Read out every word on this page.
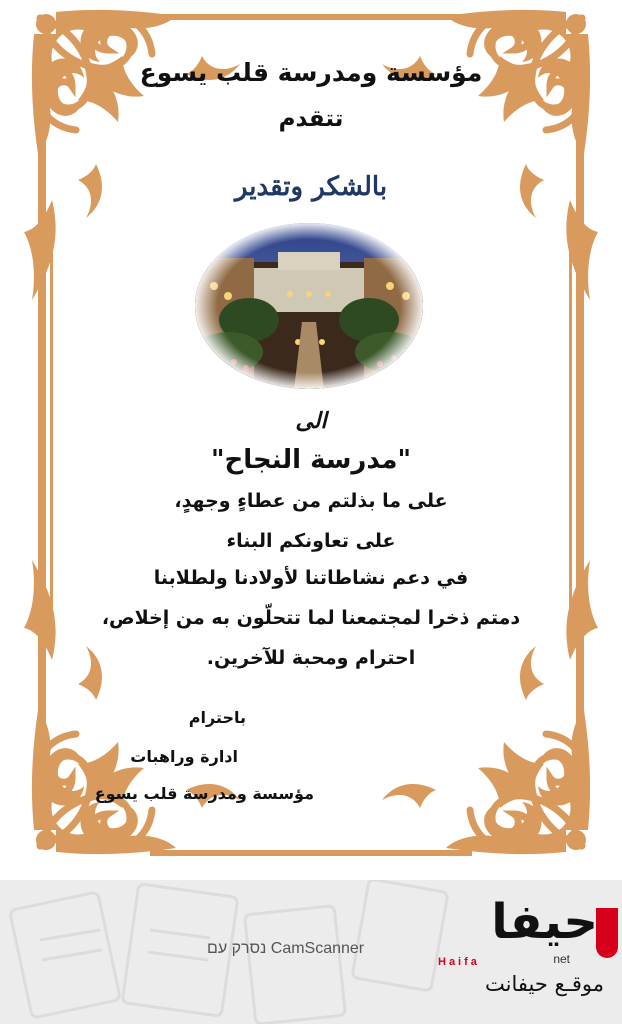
مؤسسة ومدرسة قلب يسوع
تتقدم
بالشكر وتقدير
الى
"مدرسة النجاح"
على ما بذلتم من عطاءٍ وجهدٍ،
على تعاونكم البناء
في دعم نشاطاتنا لأولادنا ولطلابنا
دمتم ذخرا لمجتمعنا لما تتحلّون به من إخلاص،
احترام ومحبة للآخرين.
باحترام
ادارة وراهبات
مؤسسة ومدرسة قلب يسوع
נסרק עם CamScanner	حيفا
Haifa	net
موقـع حيفانت
